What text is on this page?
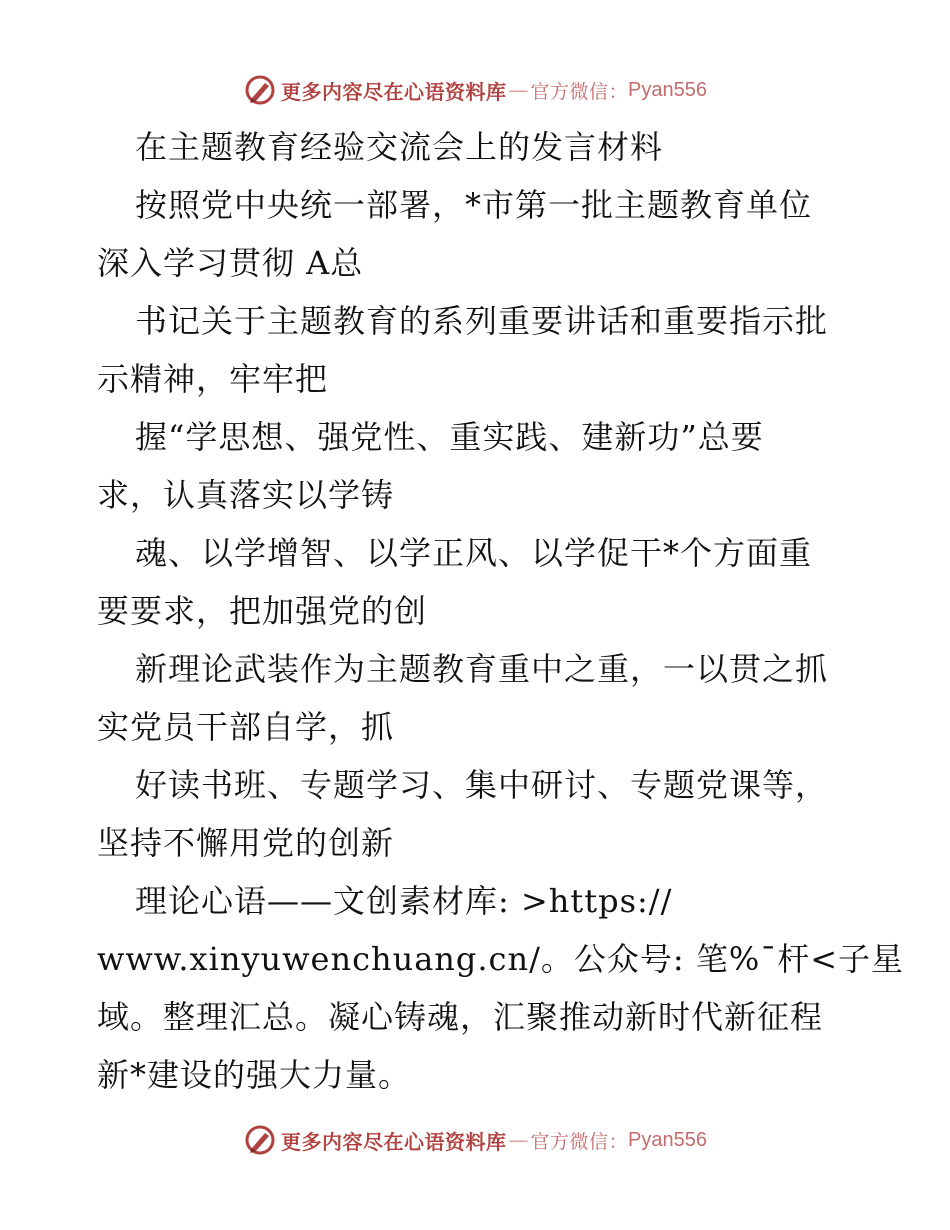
更多内容尽在心语资料库 — 官方微信： Pyan556
在主题教育经验交流会上的发言材料
按照党中央统一部署，*市第一批主题教育单位
深入学习贯彻 A总
书记关于主题教育的系列重要讲话和重要指示批
示精神，牢牢把
握“学思想、强党性、重实践、建新功”总要
求，认真落实以学铸
魂、以学增智、以学正风、以学促干*个方面重
要要求，把加强党的创
新理论武装作为主题教育重中之重，一以贯之抓
实党员干部自学，抓
好读书班、专题学习、集中研讨、专题党课等，
坚持不懈用党的创新
理论心语——文创素材库: >https://
www.xinyuwenchuang.cn/。公众号: 笔%¯杆<子星
域。整理汇总。凝心铸魂，汇聚推动新时代新征程
新*建设的强大力量。
更多内容尽在心语资料库 — 官方微信： Pyan556
